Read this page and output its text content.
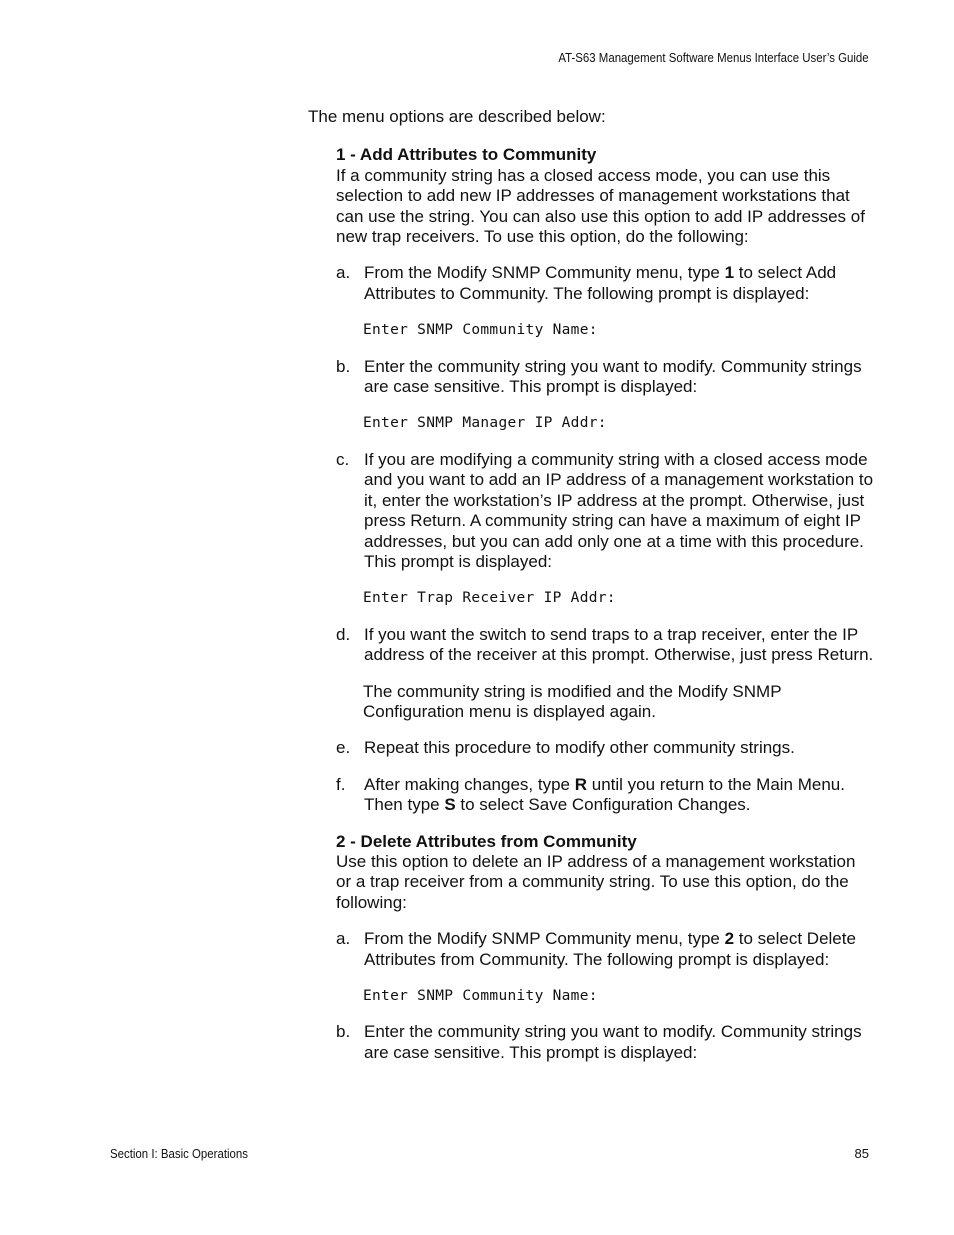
AT-S63 Management Software Menus Interface User’s Guide

The menu options are described below:

1 - Add Attributes to Community

If a community string has a closed access mode, you can use this selection to add new IP addresses of management workstations that can use the string. You can also use this option to add IP addresses of new trap receivers. To use this option, do the following:

a. From the Modify SNMP Community menu, type 1 to select Add Attributes to Community. The following prompt is displayed:
Enter SNMP Community Name:
b. Enter the community string you want to modify. Community strings are case sensitive. This prompt is displayed:
Enter SNMP Manager IP Addr:
c. If you are modifying a community string with a closed access mode and you want to add an IP address of a management workstation to it, enter the workstation’s IP address at the prompt. Otherwise, just press Return. A community string can have a maximum of eight IP addresses, but you can add only one at a time with this procedure. This prompt is displayed:
Enter Trap Receiver IP Addr:
d. If you want the switch to send traps to a trap receiver, enter the IP address of the receiver at this prompt. Otherwise, just press Return.

The community string is modified and the Modify SNMP Configuration menu is displayed again.

e. Repeat this procedure to modify other community strings.
f. After making changes, type R until you return to the Main Menu. Then type S to select Save Configuration Changes.

2 - Delete Attributes from Community

Use this option to delete an IP address of a management workstation or a trap receiver from a community string. To use this option, do the following:

a. From the Modify SNMP Community menu, type 2 to select Delete Attributes from Community. The following prompt is displayed:
Enter SNMP Community Name:
b. Enter the community string you want to modify. Community strings are case sensitive. This prompt is displayed:
Section I: Basic Operations	85
